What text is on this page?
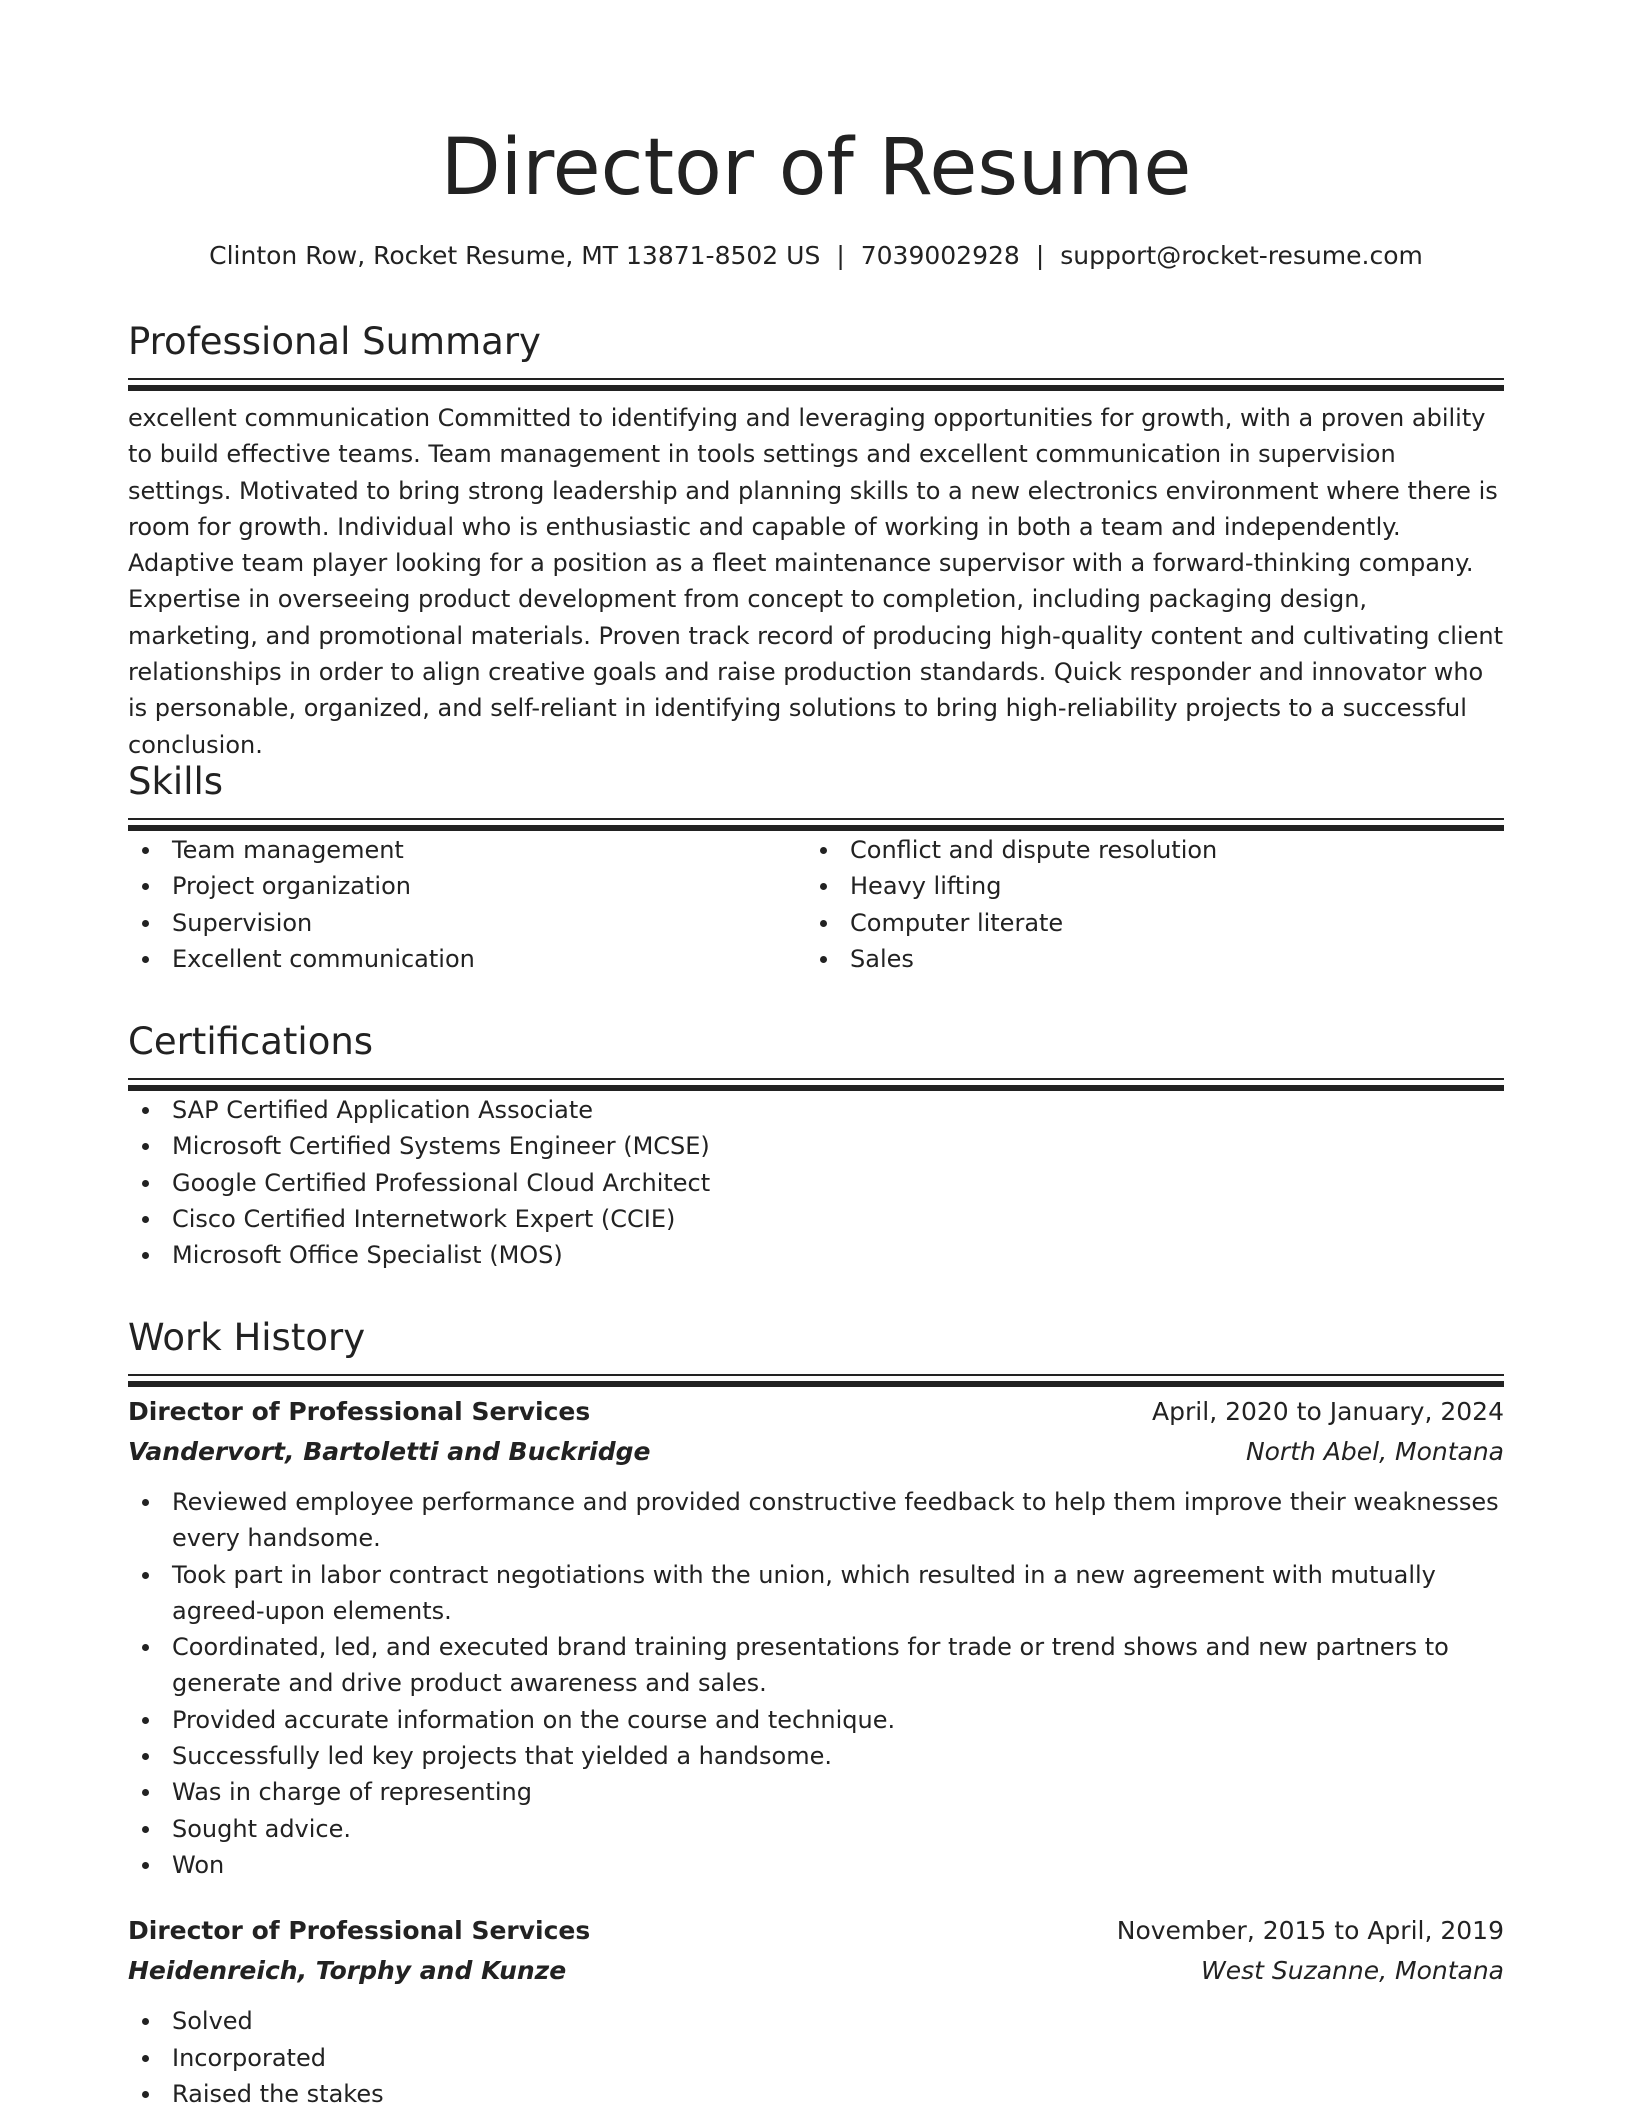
Director of Resume
Clinton Row, Rocket Resume, MT 13871-8502 US | 7039002928 | support@rocket-resume.com
Professional Summary
excellent communication Committed to identifying and leveraging opportunities for growth, with a proven ability to build effective teams. Team management in tools settings and excellent communication in supervision settings. Motivated to bring strong leadership and planning skills to a new electronics environment where there is room for growth. Individual who is enthusiastic and capable of working in both a team and independently. Adaptive team player looking for a position as a fleet maintenance supervisor with a forward-thinking company. Expertise in overseeing product development from concept to completion, including packaging design, marketing, and promotional materials. Proven track record of producing high-quality content and cultivating client relationships in order to align creative goals and raise production standards. Quick responder and innovator who is personable, organized, and self-reliant in identifying solutions to bring high-reliability projects to a successful conclusion.
Skills
Team management
Project organization
Supervision
Excellent communication
Conflict and dispute resolution
Heavy lifting
Computer literate
Sales
Certifications
SAP Certified Application Associate
Microsoft Certified Systems Engineer (MCSE)
Google Certified Professional Cloud Architect
Cisco Certified Internetwork Expert (CCIE)
Microsoft Office Specialist (MOS)
Work History
Director of Professional Services	April, 2020 to January, 2024
Vandervort, Bartoletti and Buckridge	North Abel, Montana
Reviewed employee performance and provided constructive feedback to help them improve their weaknesses every handsome.
Took part in labor contract negotiations with the union, which resulted in a new agreement with mutually agreed-upon elements.
Coordinated, led, and executed brand training presentations for trade or trend shows and new partners to generate and drive product awareness and sales.
Provided accurate information on the course and technique.
Successfully led key projects that yielded a handsome.
Was in charge of representing
Sought advice.
Won
Director of Professional Services	November, 2015 to April, 2019
Heidenreich, Torphy and Kunze	West Suzanne, Montana
Solved
Incorporated
Raised the stakes
